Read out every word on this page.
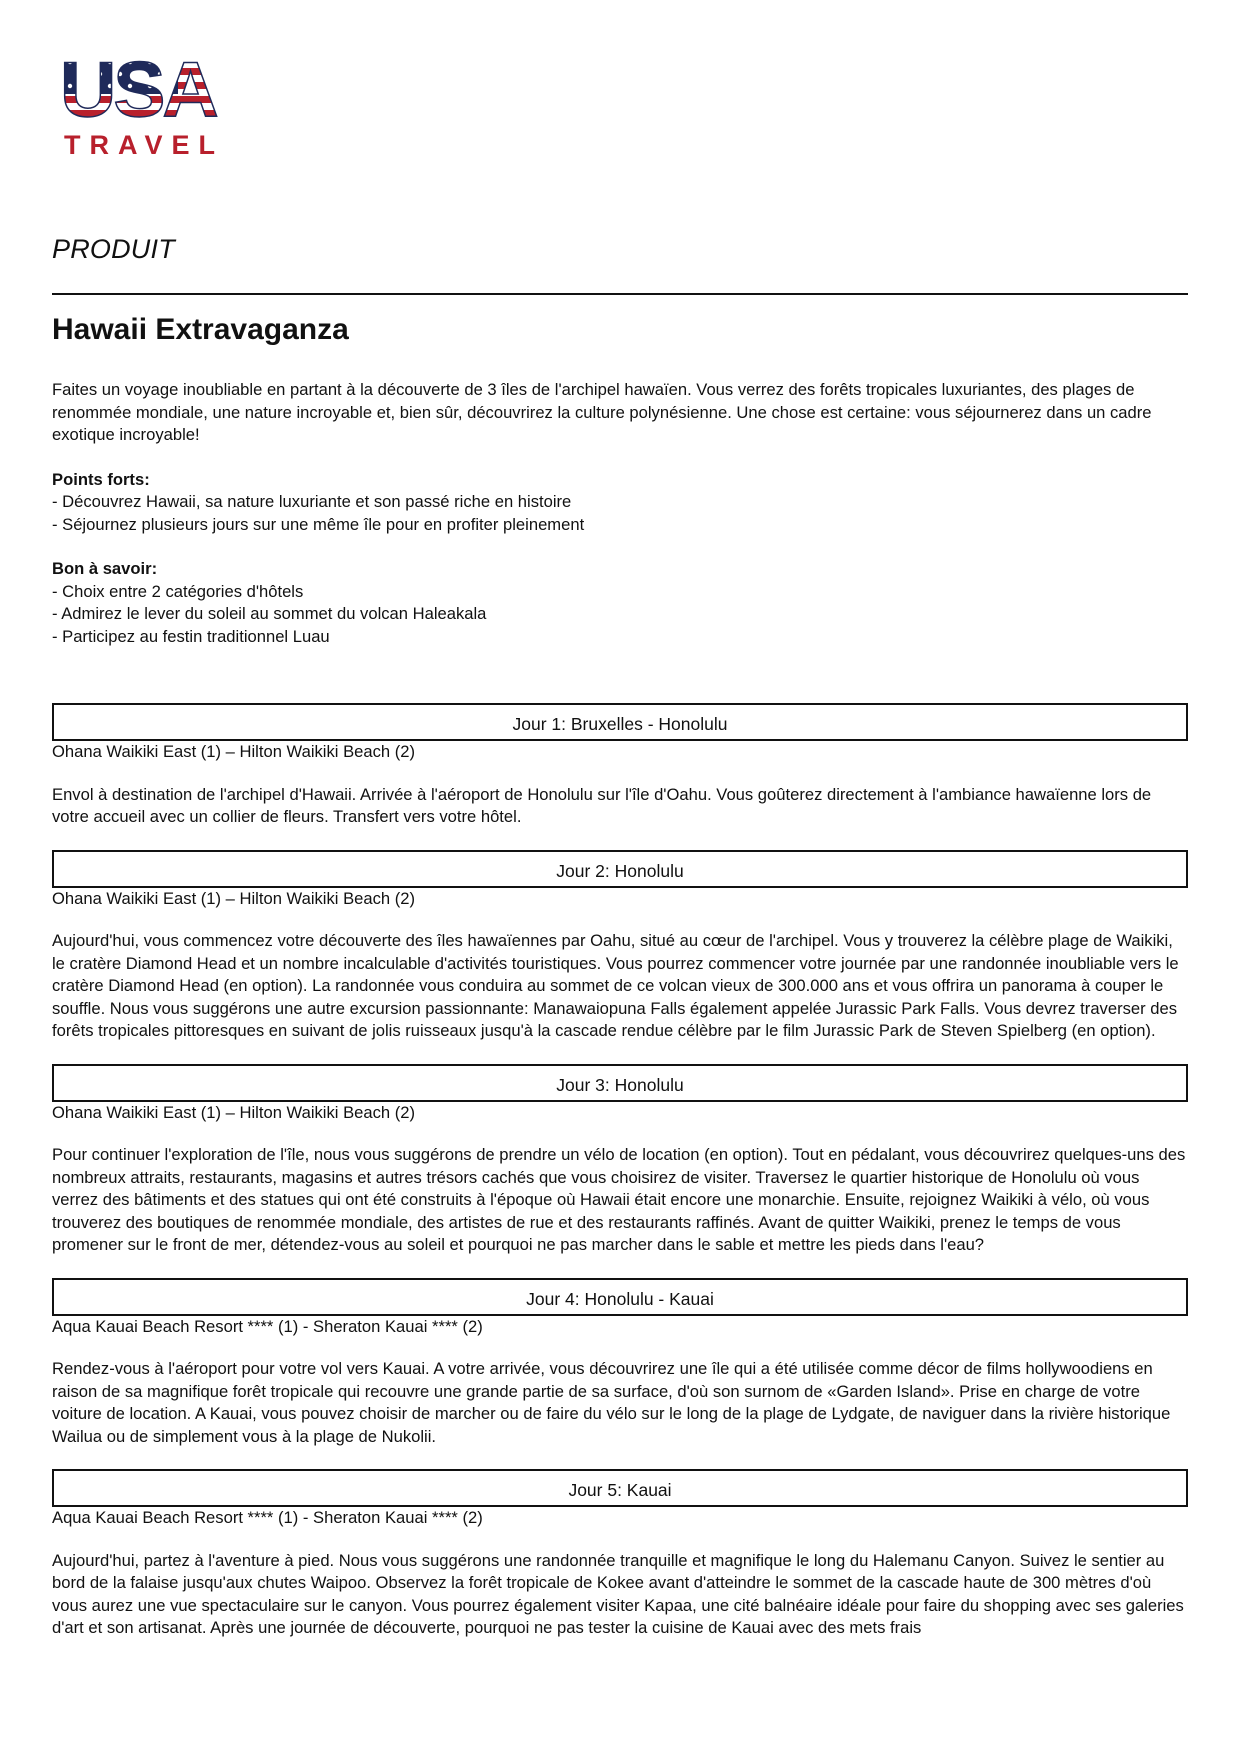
USA
TRAVEL
PRODUIT
Hawaii Extravaganza

Faites un voyage inoubliable en partant à la découverte de 3 îles de l'archipel hawaïen. Vous verrez des forêts tropicales luxuriantes, des plages de renommée mondiale, une nature incroyable et, bien sûr, découvrirez la culture polynésienne. Une chose est certaine: vous séjournerez dans un cadre exotique incroyable!

Points forts:
- Découvrez Hawaii, sa nature luxuriante et son passé riche en histoire
- Séjournez plusieurs jours sur une même île pour en profiter pleinement
Bon à savoir:
- Choix entre 2 catégories d'hôtels
- Admirez le lever du soleil au sommet du volcan Haleakala
- Participez au festin traditionnel Luau
Jour 1: Bruxelles - Honolulu

Ohana Waikiki East (1) – Hilton Waikiki Beach (2)

Envol à destination de l'archipel d'Hawaii. Arrivée à l'aéroport de Honolulu sur l'île d'Oahu. Vous goûterez directement à l'ambiance hawaïenne lors de votre accueil avec un collier de fleurs. Transfert vers votre hôtel.

Jour 2: Honolulu

Ohana Waikiki East (1) – Hilton Waikiki Beach (2)

Aujourd'hui, vous commencez votre découverte des îles hawaïennes par Oahu, situé au cœur de l'archipel. Vous y trouverez la célèbre plage de Waikiki, le cratère Diamond Head et un nombre incalculable d'activités touristiques. Vous pourrez commencer votre journée par une randonnée inoubliable vers le cratère Diamond Head (en option). La randonnée vous conduira au sommet de ce volcan vieux de 300.000 ans et vous offrira un panorama à couper le souffle. Nous vous suggérons une autre excursion passionnante: Manawaiopuna Falls également appelée Jurassic Park Falls. Vous devrez traverser des forêts tropicales pittoresques en suivant de jolis ruisseaux jusqu'à la cascade rendue célèbre par le film Jurassic Park de Steven Spielberg (en option).

Jour 3: Honolulu

Ohana Waikiki East (1) – Hilton Waikiki Beach (2)

Pour continuer l'exploration de l'île, nous vous suggérons de prendre un vélo de location (en option). Tout en pédalant, vous découvrirez quelques-uns des nombreux attraits, restaurants, magasins et autres trésors cachés que vous choisirez de visiter. Traversez le quartier historique de Honolulu où vous verrez des bâtiments et des statues qui ont été construits à l'époque où Hawaii était encore une monarchie. Ensuite, rejoignez Waikiki à vélo, où vous trouverez des boutiques de renommée mondiale, des artistes de rue et des restaurants raffinés. Avant de quitter Waikiki, prenez le temps de vous promener sur le front de mer, détendez-vous au soleil et pourquoi ne pas marcher dans le sable et mettre les pieds dans l'eau?

Jour 4: Honolulu - Kauai

Aqua Kauai Beach Resort **** (1) - Sheraton Kauai **** (2)

Rendez-vous à l'aéroport pour votre vol vers Kauai. A votre arrivée, vous découvrirez une île qui a été utilisée comme décor de films hollywoodiens en raison de sa magnifique forêt tropicale qui recouvre une grande partie de sa surface, d'où son surnom de «Garden Island». Prise en charge de votre voiture de location. A Kauai, vous pouvez choisir de marcher ou de faire du vélo sur le long de la plage de Lydgate, de naviguer dans la rivière historique Wailua ou de simplement vous à la plage de Nukolii.

Jour 5: Kauai

Aqua Kauai Beach Resort **** (1) - Sheraton Kauai **** (2)

Aujourd'hui, partez à l'aventure à pied. Nous vous suggérons une randonnée tranquille et magnifique le long du Halemanu Canyon. Suivez le sentier au bord de la falaise jusqu'aux chutes Waipoo. Observez la forêt tropicale de Kokee avant d'atteindre le sommet de la cascade haute de 300 mètres d'où vous aurez une vue spectaculaire sur le canyon. Vous pourrez également visiter Kapaa, une cité balnéaire idéale pour faire du shopping avec ses galeries d'art et son artisanat. Après une journée de découverte, pourquoi ne pas tester la cuisine de Kauai avec des mets frais
